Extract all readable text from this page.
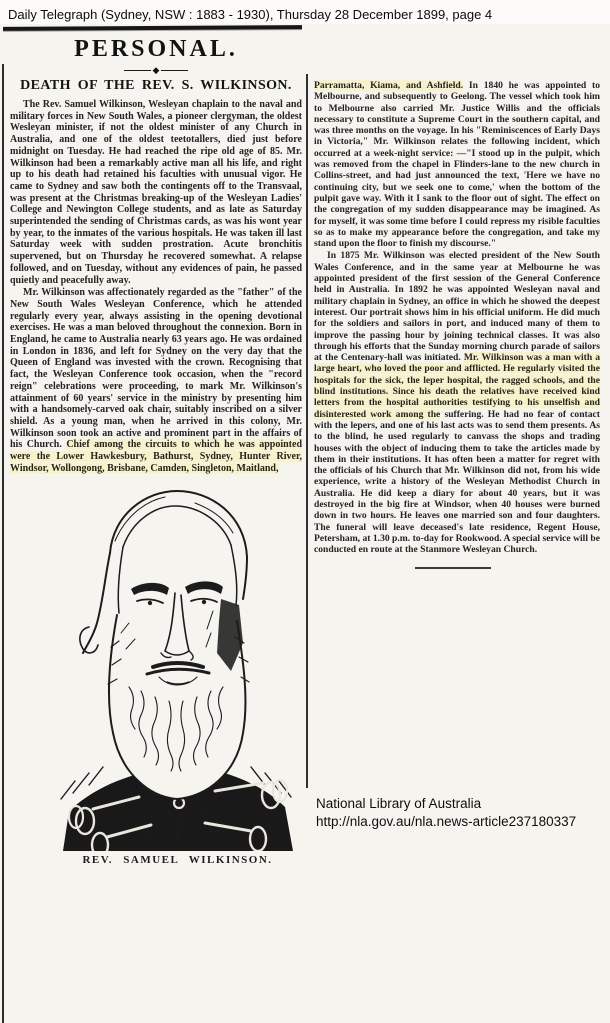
Daily Telegraph (Sydney, NSW : 1883 - 1930), Thursday 28 December 1899, page 4
PERSONAL.
◆
DEATH OF THE REV. S. WILKINSON.

The Rev. Samuel Wilkinson, Wesleyan chaplain to the naval and military forces in New South Wales, a pioneer clergyman, the oldest Wesleyan minister, if not the oldest minister of any Church in Australia, and one of the oldest teetotallers, died just before midnight on Tuesday. He had reached the ripe old age of 85. Mr. Wilkinson had been a remarkably active man all his life, and right up to his death had retained his faculties with unusual vigor. He came to Sydney and saw both the contingents off to the Transvaal, was present at the Christmas breaking-up of the Wesleyan Ladies' College and Newington College students, and as late as Saturday superintended the sending of Christmas cards, as was his wont year by year, to the inmates of the various hospitals. He was taken ill last Saturday week with sudden prostration. Acute bronchitis supervened, but on Thursday he recovered somewhat. A relapse followed, and on Tuesday, without any evidences of pain, he passed quietly and peacefully away.

Mr. Wilkinson was affectionately regarded as the "father" of the New South Wales Wesleyan Conference, which he attended regularly every year, always assisting in the opening devotional exercises. He was a man beloved throughout the connexion. Born in England, he came to Australia nearly 63 years ago. He was ordained in London in 1836, and left for Sydney on the very day that the Queen of England was invested with the crown. Recognising that fact, the Wesleyan Conference took occasion, when the "record reign" celebrations were proceeding, to mark Mr. Wilkinson's attainment of 60 years' service in the ministry by presenting him with a handsomely-carved oak chair, suitably inscribed on a silver shield. As a young man, when he arrived in this colony, Mr. Wilkinson soon took an active and prominent part in the affairs of his Church. Chief among the circuits to which he was appointed were the Lower Hawkesbury, Bathurst, Sydney, Hunter River, Windsor, Wollongong, Brisbane, Camden, Singleton, Maitland,

REV. SAMUEL WILKINSON.

Parramatta, Kiama, and Ashfield. In 1840 he was appointed to Melbourne, and subsequently to Geelong. The vessel which took him to Melbourne also carried Mr. Justice Willis and the officials necessary to constitute a Supreme Court in the southern capital, and was three months on the voyage. In his "Reminiscences of Early Days in Victoria," Mr. Wilkinson relates the following incident, which occurred at a week-night service: —"I stood up in the pulpit, which was removed from the chapel in Flinders-lane to the new church in Collins-street, and had just announced the text, 'Here we have no continuing city, but we seek one to come,' when the bottom of the pulpit gave way. With it I sank to the floor out of sight. The effect on the congregation of my sudden disappearance may be imagined. As for myself, it was some time before I could repress my risible faculties so as to make my appearance before the congregation, and take my stand upon the floor to finish my discourse."

In 1875 Mr. Wilkinson was elected president of the New South Wales Conference, and in the same year at Melbourne he was appointed president of the first session of the General Conference held in Australia. In 1892 he was appointed Wesleyan naval and military chaplain in Sydney, an office in which he showed the deepest interest. Our portrait shows him in his official uniform. He did much for the soldiers and sailors in port, and induced many of them to improve the passing hour by joining technical classes. It was also through his efforts that the Sunday morning church parade of sailors at the Centenary-hall was initiated. Mr. Wilkinson was a man with a large heart, who loved the poor and afflicted. He regularly visited the hospitals for the sick, the leper hospital, the ragged schools, and the blind institutions. Since his death the relatives have received kind letters from the hospital authorities testifying to his unselfish and disinterested work among the suffering. He had no fear of contact with the lepers, and one of his last acts was to send them presents. As to the blind, he used regularly to canvass the shops and trading houses with the object of inducing them to take the articles made by them in their institutions. It has often been a matter for regret with the officials of his Church that Mr. Wilkinson did not, from his wide experience, write a history of the Wesleyan Methodist Church in Australia. He did keep a diary for about 40 years, but it was destroyed in the big fire at Windsor, when 40 houses were burned down in two hours. He leaves one married son and four daughters. The funeral will leave deceased's late residence, Regent House, Petersham, at 1.30 p.m. to-day for Rookwood. A special service will be conducted en route at the Stanmore Wesleyan Church.

National Library of Australia
http://nla.gov.au/nla.news-article237180337
